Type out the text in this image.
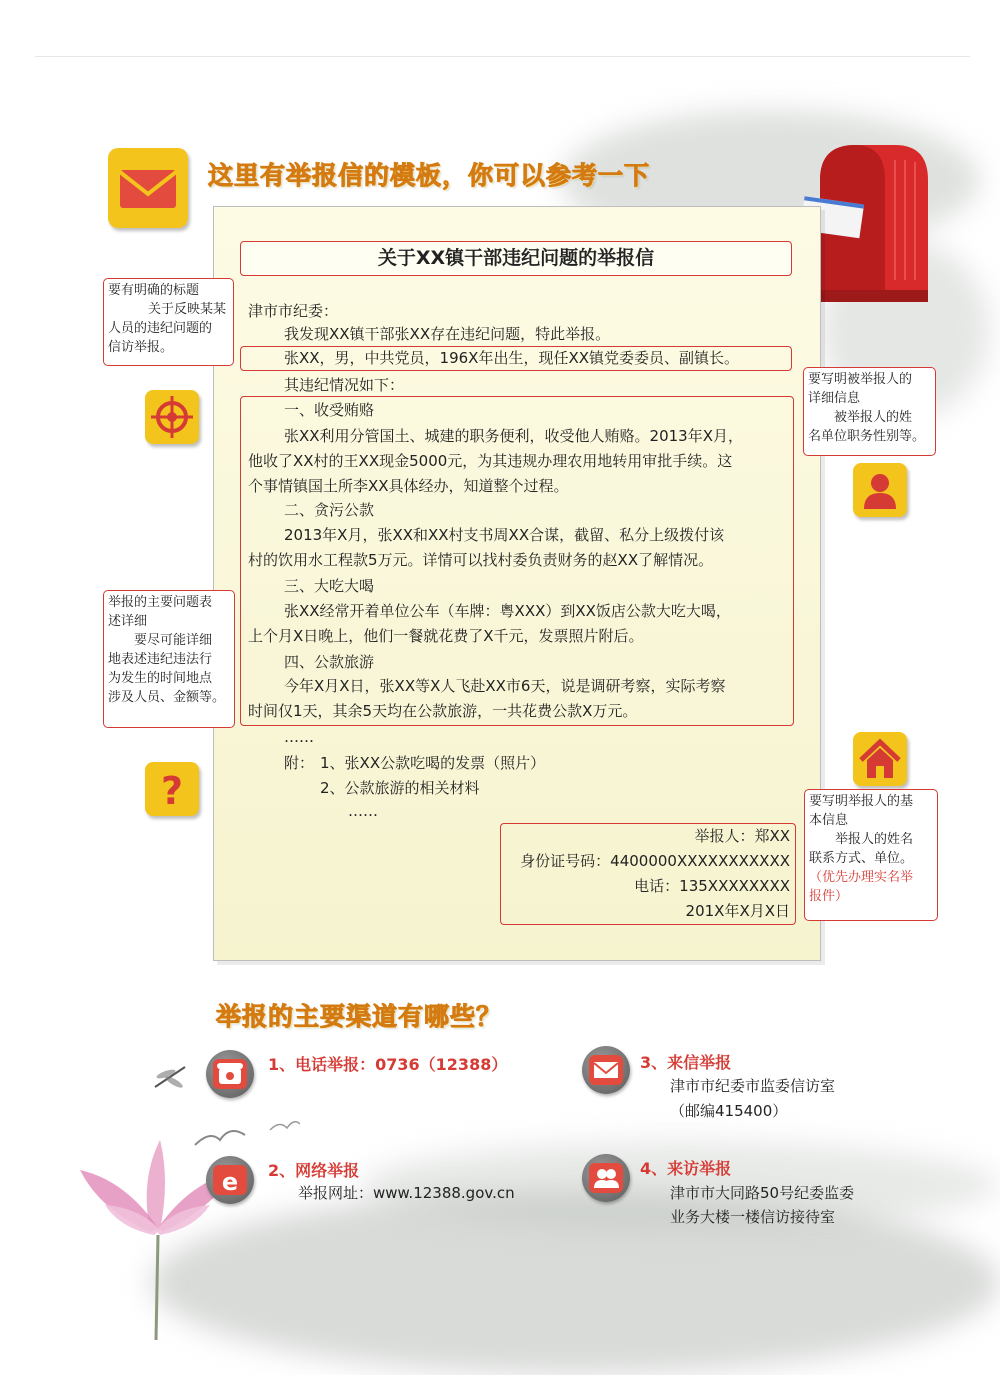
这里有举报信的模板，你可以参考一下
关于XX镇干部违纪问题的举报信
津市市纪委：
我发现XX镇干部张XX存在违纪问题，特此举报。
张XX，男，中共党员，196X年出生，现任XX镇党委委员、副镇长。
其违纪情况如下：
一、收受贿赂
张XX利用分管国土、城建的职务便利，收受他人贿赂。2013年X月，
他收了XX村的王XX现金5000元，为其违规办理农用地转用审批手续。这
个事情镇国土所李XX具体经办，知道整个过程。
二、贪污公款
2013年X月，张XX和XX村支书周XX合谋，截留、私分上级拨付该
村的饮用水工程款5万元。详情可以找村委负责财务的赵XX了解情况。
三、大吃大喝
张XX经常开着单位公车（车牌：粤XXX）到XX饭店公款大吃大喝，
上个月X日晚上，他们一餐就花费了X千元，发票照片附后。
四、公款旅游
今年X月X日，张XX等X人飞赴XX市6天，说是调研考察，实际考察
时间仅1天，其余5天均在公款旅游，一共花费公款X万元。
……
附： 1、张XX公款吃喝的发票（照片）
2、公款旅游的相关材料
……
举报人：郑XX
身份证号码：4400000XXXXXXXXXXX
电话：135XXXXXXXX
201X年X月X日
要有明确的标题
关于反映某某
人员的违纪问题的
信访举报。
举报的主要问题表
述详细
要尽可能详细
地表述违纪违法行
为发生的时间地点
涉及人员、金额等。
?
要写明被举报人的
详细信息
被举报人的姓
名单位职务性别等。
要写明举报人的基
本信息
举报人的姓名
联系方式、单位。
（优先办理实名举
报件）
举报的主要渠道有哪些？
1、电话举报：0736（12388）
e 2、网络举报
举报网址：www.12388.gov.cn
3、来信举报
津市市纪委市监委信访室
（邮编415400）
4、来访举报
津市市大同路50号纪委监委
业务大楼一楼信访接待室
